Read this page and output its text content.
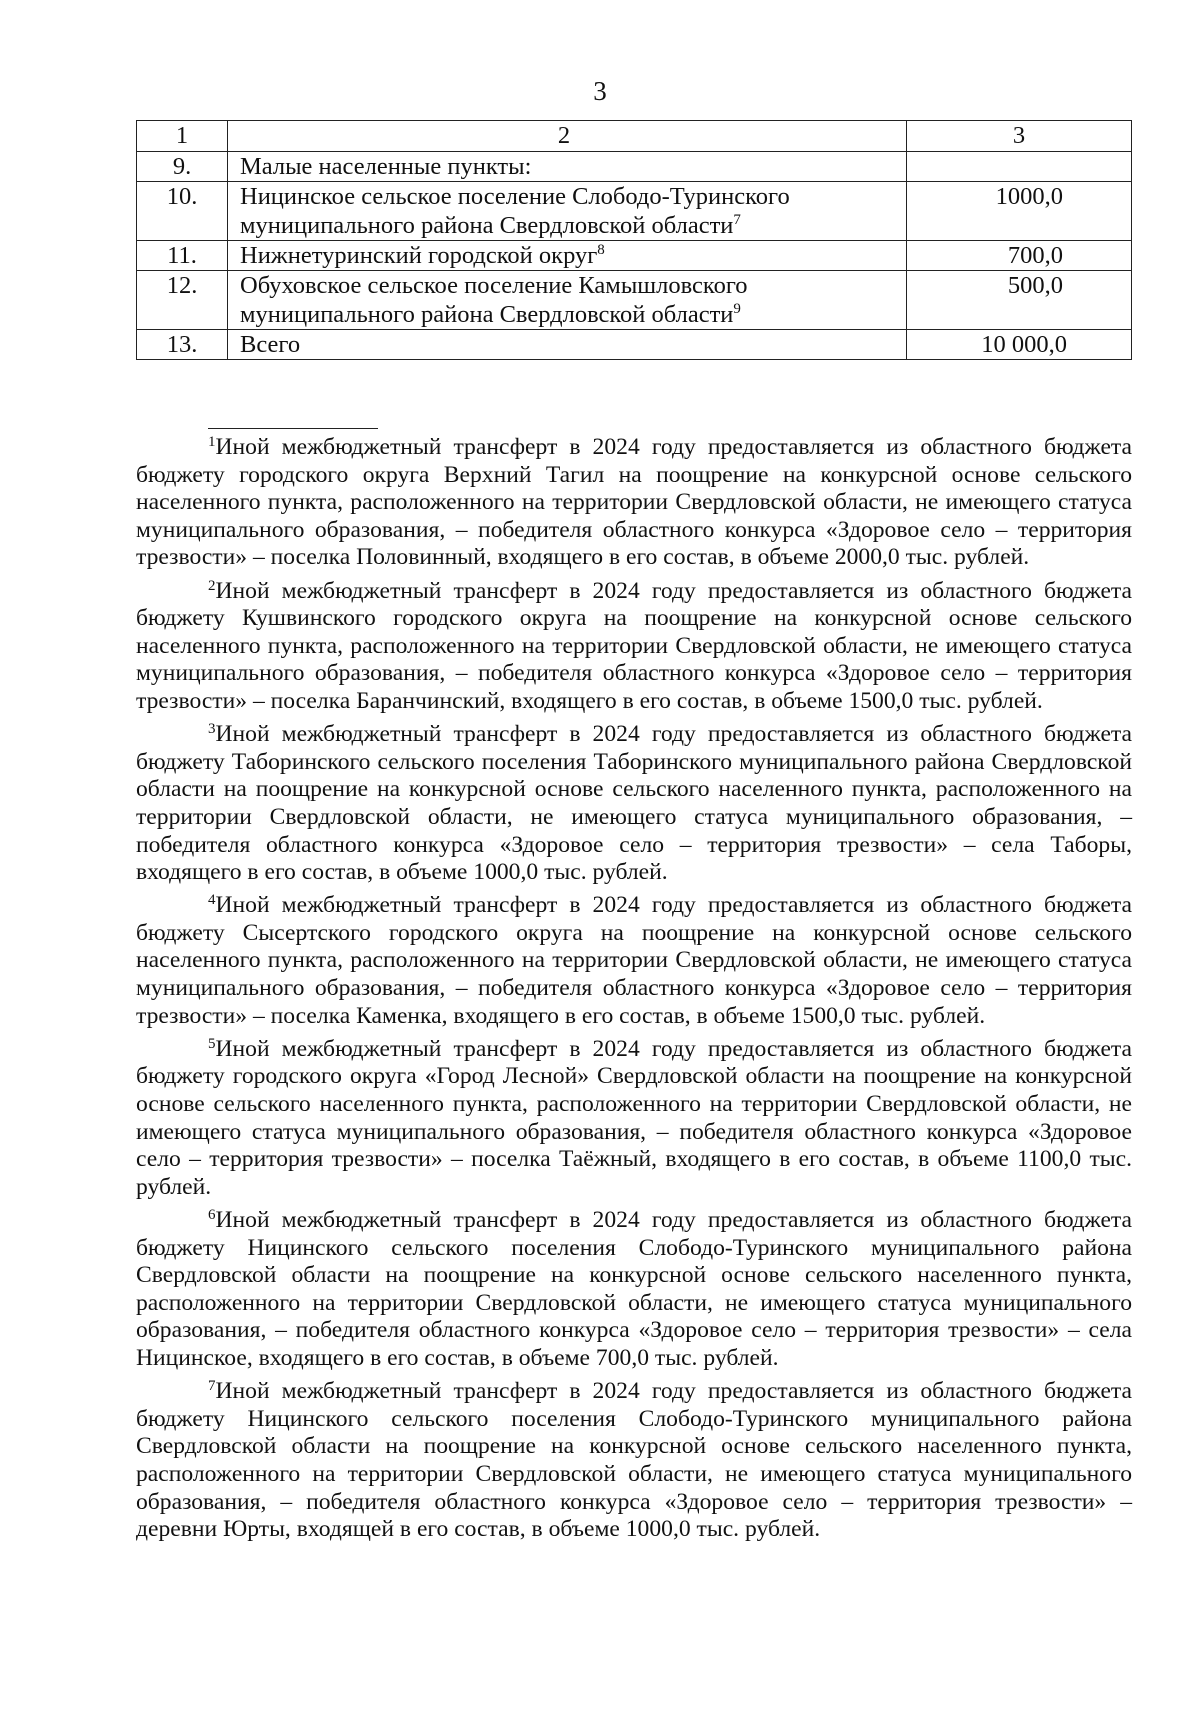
3
1	2	3
9.	Малые населенные пункты:	
10.	Ницинское сельское поселение Слободо-Туринского муниципального района Свердловской области$^7$	1000,0
11.	Нижнетуринский городской округ$^8$	700,0
12.	Обуховское сельское поселение Камышловского муниципального района Свердловской области$^9$	500,0
13.	Всего	10 000,0

$^1$Иной межбюджетный трансферт в 2024 году предоставляется из областного бюджета бюджету городского округа Верхний Тагил на поощрение на конкурсной основе сельского населенного пункта, расположенного на территории Свердловской области, не имеющего статуса муниципального образования, – победителя областного конкурса «Здоровое село – территория трезвости» – поселка Половинный, входящего в его состав, в объеме 2000,0 тыс. рублей.

$^2$Иной межбюджетный трансферт в 2024 году предоставляется из областного бюджета бюджету Кушвинского городского округа на поощрение на конкурсной основе сельского населенного пункта, расположенного на территории Свердловской области, не имеющего статуса муниципального образования, – победителя областного конкурса «Здоровое село – территория трезвости» – поселка Баранчинский, входящего в его состав, в объеме 1500,0 тыс. рублей.

$^3$Иной межбюджетный трансферт в 2024 году предоставляется из областного бюджета бюджету Таборинского сельского поселения Таборинского муниципального района Свердловской области на поощрение на конкурсной основе сельского населенного пункта, расположенного на территории Свердловской области, не имеющего статуса муниципального образования, – победителя областного конкурса «Здоровое село – территория трезвости» – села Таборы, входящего в его состав, в объеме 1000,0 тыс. рублей.

$^4$Иной межбюджетный трансферт в 2024 году предоставляется из областного бюджета бюджету Сысертского городского округа на поощрение на конкурсной основе сельского населенного пункта, расположенного на территории Свердловской области, не имеющего статуса муниципального образования, – победителя областного конкурса «Здоровое село – территория трезвости» – поселка Каменка, входящего в его состав, в объеме 1500,0 тыс. рублей.

$^5$Иной межбюджетный трансферт в 2024 году предоставляется из областного бюджета бюджету городского округа «Город Лесной» Свердловской области на поощрение на конкурсной основе сельского населенного пункта, расположенного на территории Свердловской области, не имеющего статуса муниципального образования, – победителя областного конкурса «Здоровое село – территория трезвости» – поселка Таёжный, входящего в его состав, в объеме 1100,0 тыс. рублей.

$^6$Иной межбюджетный трансферт в 2024 году предоставляется из областного бюджета бюджету Ницинского сельского поселения Слободо-Туринского муниципального района Свердловской области на поощрение на конкурсной основе сельского населенного пункта, расположенного на территории Свердловской области, не имеющего статуса муниципального образования, – победителя областного конкурса «Здоровое село – территория трезвости» – села Ницинское, входящего в его состав, в объеме 700,0 тыс. рублей.

$^7$Иной межбюджетный трансферт в 2024 году предоставляется из областного бюджета бюджету Ницинского сельского поселения Слободо-Туринского муниципального района Свердловской области на поощрение на конкурсной основе сельского населенного пункта, расположенного на территории Свердловской области, не имеющего статуса муниципального образования, – победителя областного конкурса «Здоровое село – территория трезвости» – деревни Юрты, входящей в его состав, в объеме 1000,0 тыс. рублей.
